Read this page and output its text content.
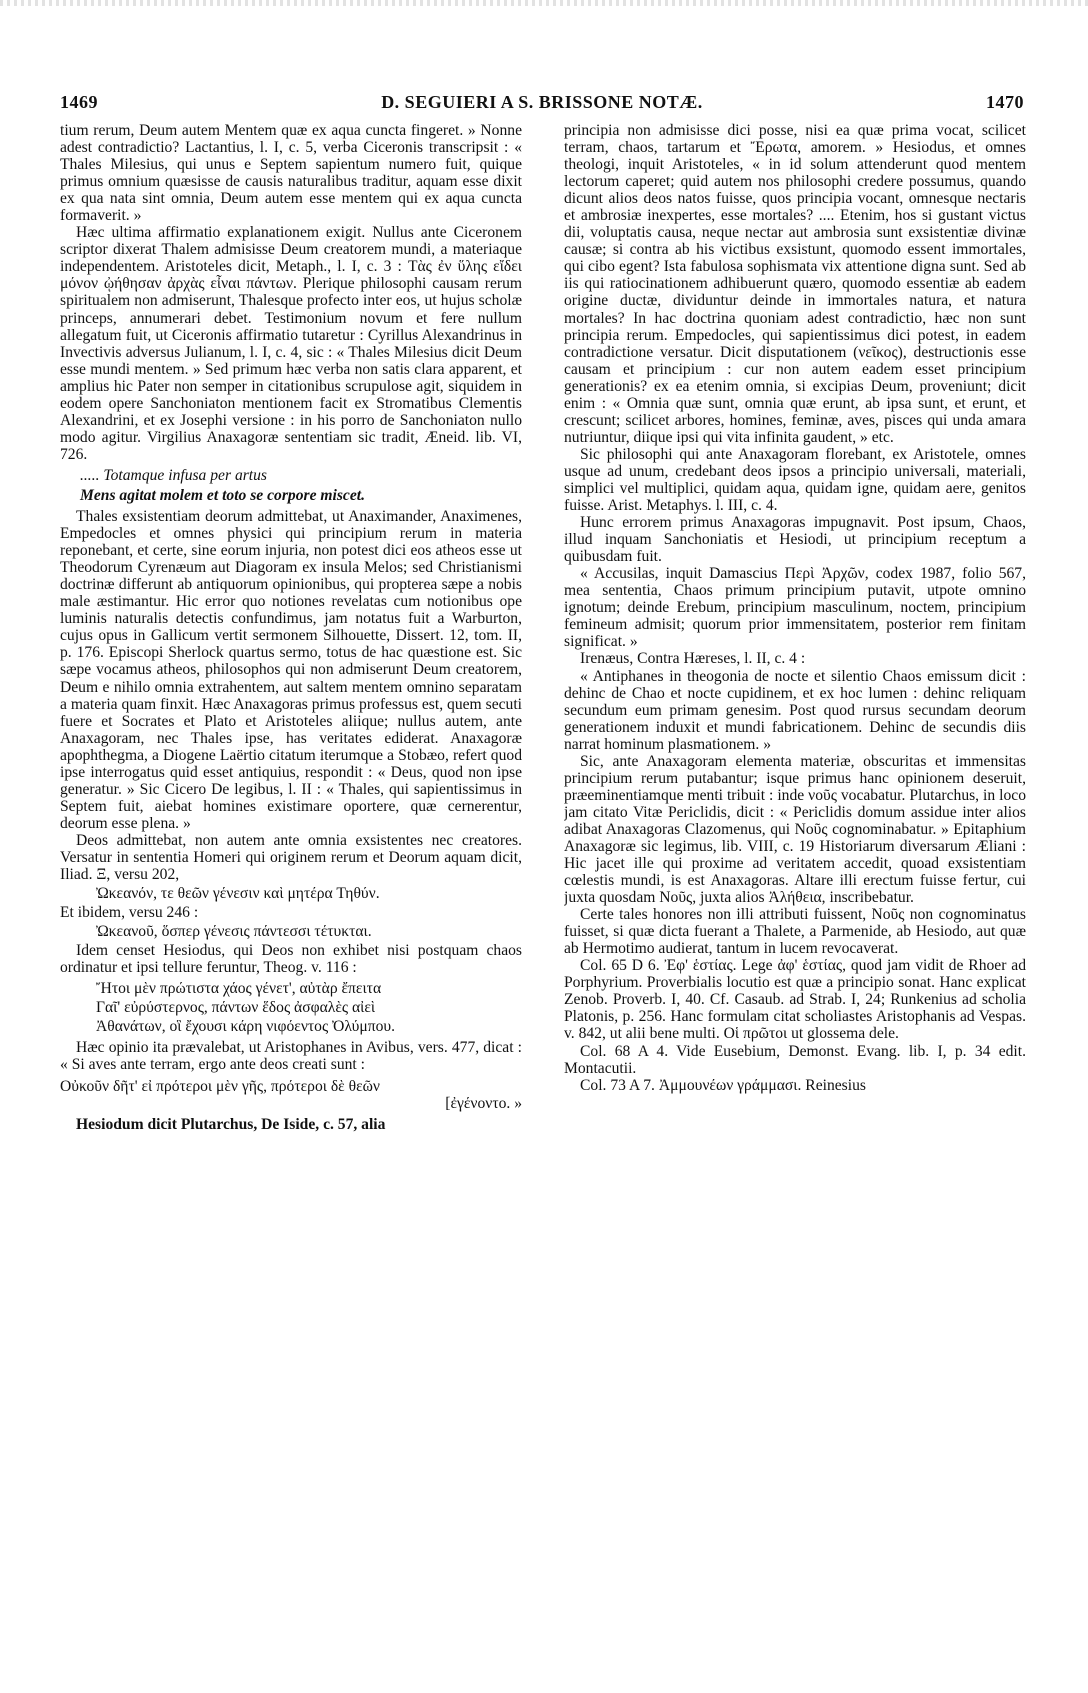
1469	D. SEGUIERI A S. BRISSONE NOTÆ.	1470

tium rerum, Deum autem Mentem quæ ex aqua cuncta fingeret. » Nonne adest contradictio? Lactantius, l. I, c. 5, verba Ciceronis transcripsit : « Thales Milesius, qui unus e Septem sapientum numero fuit, quique primus omnium quæsisse de causis naturalibus traditur, aquam esse dixit ex qua nata sint omnia, Deum autem esse mentem qui ex aqua cuncta formaverit. »

Hæc ultima affirmatio explanationem exigit. Nullus ante Ciceronem scriptor dixerat Thalem admisisse Deum creatorem mundi, a materiaque independentem. Aristoteles dicit, Metaph., l. I, c. 3 : Τὰς ἐν ὕλης εἴδει μόνον ᾠήθησαν ἀρχὰς εἶναι πάντων. Plerique philosophi causam rerum spiritualem non admiserunt, Thalesque profecto inter eos, ut hujus scholæ princeps, annumerari debet. Testimonium novum et fere nullum allegatum fuit, ut Ciceronis affirmatio tutaretur : Cyrillus Alexandrinus in Invectivis adversus Julianum, l. I, c. 4, sic : « Thales Milesius dicit Deum esse mundi mentem. » Sed primum hæc verba non satis clara apparent, et amplius hic Pater non semper in citationibus scrupulose agit, siquidem in eodem opere Sanchoniaton mentionem facit ex Stromatibus Clementis Alexandrini, et ex Josephi versione : in his porro de Sanchoniaton nullo modo agitur. Virgilius Anaxagoræ sententiam sic tradit, Æneid. lib. VI, 726.

..... Totamque infusa per artus

Mens agitat molem et toto se corpore miscet.

Thales exsistentiam deorum admittebat, ut Anaximander, Anaximenes, Empedocles et omnes physici qui principium rerum in materia reponebant, et certe, sine eorum injuria, non potest dici eos atheos esse ut Theodorum Cyrenæum aut Diagoram ex insula Melos; sed Christianismi doctrinæ differunt ab antiquorum opinionibus, qui propterea sæpe a nobis male æstimantur. Hic error quo notiones revelatas cum notionibus ope luminis naturalis detectis confundimus, jam notatus fuit a Warburton, cujus opus in Gallicum vertit sermonem Silhouette, Dissert. 12, tom. II, p. 176. Episcopi Sherlock quartus sermo, totus de hac quæstione est. Sic sæpe vocamus atheos, philosophos qui non admiserunt Deum creatorem, Deum e nihilo omnia extrahentem, aut saltem mentem omnino separatam a materia quam finxit. Hæc Anaxagoras primus professus est, quem secuti fuere et Socrates et Plato et Aristoteles aliique; nullus autem, ante Anaxagoram, nec Thales ipse, has veritates ediderat. Anaxagoræ apophthegma, a Diogene Laërtio citatum iterumque a Stobæo, refert quod ipse interrogatus quid esset antiquius, respondit : « Deus, quod non ipse generatur. » Sic Cicero De legibus, l. II : « Thales, qui sapientissimus in Septem fuit, aiebat homines existimare oportere, quæ cernerentur, deorum esse plena. »

Deos admittebat, non autem ante omnia exsistentes nec creatores. Versatur in sententia Homeri qui originem rerum et Deorum aquam dicit, Iliad. Ξ, versu 202,

Ὠκεανόν, τε θεῶν γένεσιν καὶ μητέρα Τηθύν.

Et ibidem, versu 246 :

Ὠκεανοῦ, ὅσπερ γένεσις πάντεσσι τέτυκται.

Idem censet Hesiodus, qui Deos non exhibet nisi postquam chaos ordinatur et ipsi tellure feruntur, Theog. v. 116 :

Ἤτοι μὲν πρώτιστα χάος γένετ', αὐτὰρ ἔπειτα

Γαῖ' εὐρύστερνος, πάντων ἕδος ἀσφαλὲς αἰεὶ

Ἀθανάτων, οἳ ἔχουσι κάρη νιφόεντος Ὀλύμπου.

Hæc opinio ita prævalebat, ut Aristophanes in Avibus, vers. 477, dicat : « Si aves ante terram, ergo ante deos creati sunt :

Οὐκοῦν δῆτ' εἰ πρότεροι μὲν γῆς, πρότεροι δὲ θεῶν

[ἐγένοντο. »

Hesiodum dicit Plutarchus, De Iside, c. 57, alia

principia non admisisse dici posse, nisi ea quæ prima vocat, scilicet terram, chaos, tartarum et Ἔρωτα, amorem. » Hesiodus, et omnes theologi, inquit Aristoteles, « in id solum attenderunt quod mentem lectorum caperet; quid autem nos philosophi credere possumus, quando dicunt alios deos natos fuisse, quos principia vocant, omnesque nectaris et ambrosiæ inexpertes, esse mortales? .... Etenim, hos si gustant victus dii, voluptatis causa, neque nectar aut ambrosia sunt exsistentiæ divinæ causæ; si contra ab his victibus exsistunt, quomodo essent immortales, qui cibo egent? Ista fabulosa sophismata vix attentione digna sunt. Sed ab iis qui ratiocinationem adhibuerunt quæro, quomodo essentiæ ab eadem origine ductæ, dividuntur deinde in immortales natura, et natura mortales? In hac doctrina quoniam adest contradictio, hæc non sunt principia rerum. Empedocles, qui sapientissimus dici potest, in eadem contradictione versatur. Dicit disputationem (νεῖκος), destructionis esse causam et principium : cur non autem eadem esset principium generationis? ex ea etenim omnia, si excipias Deum, proveniunt; dicit enim : « Omnia quæ sunt, omnia quæ erunt, ab ipsa sunt, et erunt, et crescunt; scilicet arbores, homines, feminæ, aves, pisces qui unda amara nutriuntur, diique ipsi qui vita infinita gaudent, » etc.

Sic philosophi qui ante Anaxagoram florebant, ex Aristotele, omnes usque ad unum, credebant deos ipsos a principio universali, materiali, simplici vel multiplici, quidam aqua, quidam igne, quidam aere, genitos fuisse. Arist. Metaphys. l. III, c. 4.

Hunc errorem primus Anaxagoras impugnavit. Post ipsum, Chaos, illud inquam Sanchoniatis et Hesiodi, ut principium receptum a quibusdam fuit.

« Accusilas, inquit Damascius Περὶ Ἀρχῶν, codex 1987, folio 567, mea sententia, Chaos primum principium putavit, utpote omnino ignotum; deinde Erebum, principium masculinum, noctem, principium femineum admisit; quorum prior immensitatem, posterior rem finitam significat. »

Irenæus, Contra Hæreses, l. II, c. 4 :

« Antiphanes in theogonia de nocte et silentio Chaos emissum dicit : dehinc de Chao et nocte cupidinem, et ex hoc lumen : dehinc reliquam secundum eum primam genesim. Post quod rursus secundam deorum generationem induxit et mundi fabricationem. Dehinc de secundis diis narrat hominum plasmationem. »

Sic, ante Anaxagoram elementa materiæ, obscuritas et immensitas principium rerum putabantur; isque primus hanc opinionem deseruit, præeminentiamque menti tribuit : inde νοῦς vocabatur. Plutarchus, in loco jam citato Vitæ Periclidis, dicit : « Periclidis domum assidue inter alios adibat Anaxagoras Clazomenus, qui Νοῦς cognominabatur. » Epitaphium Anaxagoræ sic legimus, lib. VIII, c. 19 Historiarum diversarum Æliani : Hic jacet ille qui proxime ad veritatem accedit, quoad exsistentiam cœlestis mundi, is est Anaxagoras. Altare illi erectum fuisse fertur, cui juxta quosdam Νοῦς, juxta alios Ἀλήθεια, inscribebatur.

Certe tales honores non illi attributi fuissent, Νοῦς non cognominatus fuisset, si quæ dicta fuerant a Thalete, a Parmenide, ab Hesiodo, aut quæ ab Hermotimo audierat, tantum in lucem revocaverat.

Col. 65 D 6. Ἐφ' ἑστίας. Lege ἀφ' ἑστίας, quod jam vidit de Rhoer ad Porphyrium. Proverbialis locutio est quæ a principio sonat. Hanc explicat Zenob. Proverb. I, 40. Cf. Casaub. ad Strab. I, 24; Runkenius ad scholia Platonis, p. 256. Hanc formulam citat scholiastes Aristophanis ad Vespas. v. 842, ut alii bene multi. Οἱ πρῶτοι ut glossema dele.

Col. 68 A 4. Vide Eusebium, Demonst. Evang. lib. I, p. 34 edit. Montacutii.

Col. 73 A 7. Ἀμμουνέων γράμμασι. Reinesius
